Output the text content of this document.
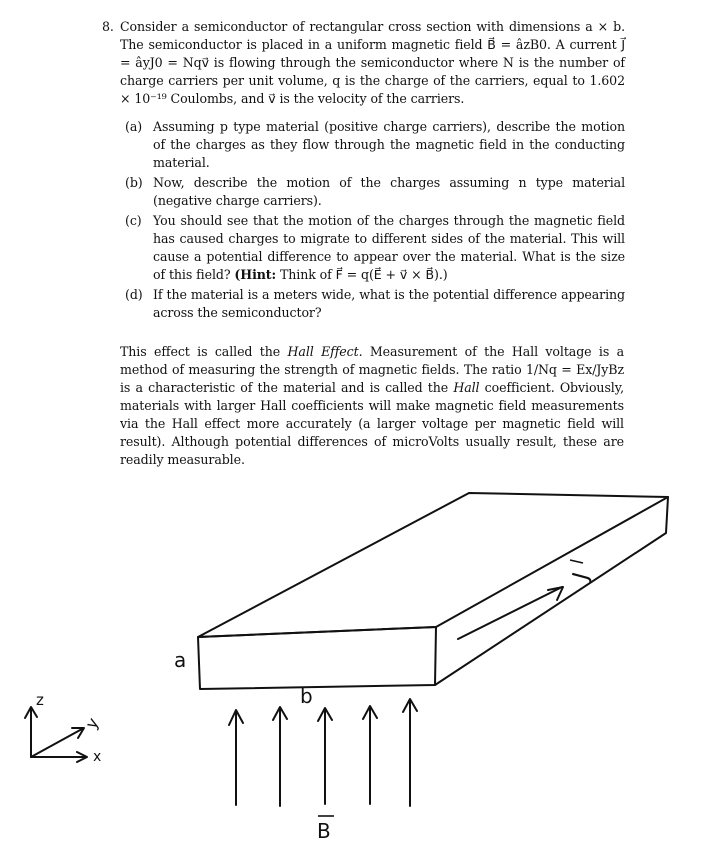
8. Consider a semiconductor of rectangular cross section with dimensions a × b. The semiconductor is placed in a uniform magnetic field B⃗ = âzB0. A current J⃗ = âyJ0 = Nqv⃗ is flowing through the semiconductor where N is the number of charge carriers per unit volume, q is the charge of the carriers, equal to 1.602 × 10⁻¹⁹ Coulombs, and v⃗ is the velocity of the carriers.

(a) Assuming p type material (positive charge carriers), describe the motion of the charges as they flow through the magnetic field in the conducting material.
(b) Now, describe the motion of the charges assuming n type material (negative charge carriers).
(c) You should see that the motion of the charges through the magnetic field has caused charges to migrate to different sides of the material. This will cause a potential difference to appear over the material. What is the size of this field? (Hint: Think of F⃗ = q(E⃗ + v⃗ × B⃗).)
(d) If the material is a meters wide, what is the potential difference appearing across the semiconductor?

This effect is called the Hall Effect. Measurement of the Hall voltage is a method of measuring the strength of magnetic fields. The ratio 1/Nq = Ex/JyBz is a characteristic of the material and is called the Hall coefficient. Obviously, materials with larger Hall coefficients will make magnetic field measurements via the Hall effect more accurately (a larger voltage per magnetic field will result). Although potential differences of microVolts usually result, these are readily measurable.

a
b
J
B
z
y
x
